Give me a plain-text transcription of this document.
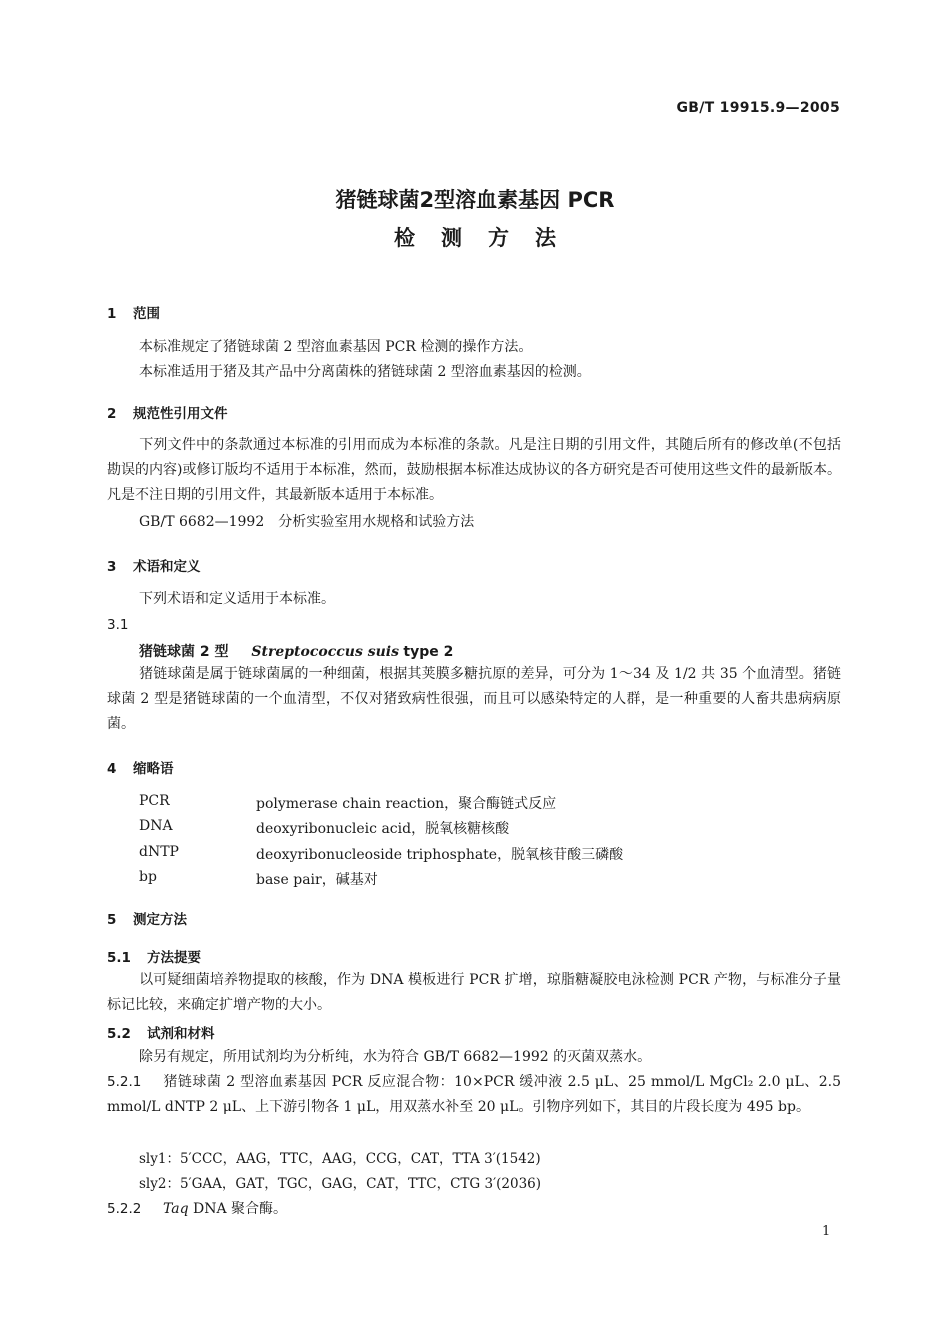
GB/T 19915.9—2005
猪链球菌2型溶血素基因 PCR
检测方法
1 范围
本标准规定了猪链球菌 2 型溶血素基因 PCR 检测的操作方法。
本标准适用于猪及其产品中分离菌株的猪链球菌 2 型溶血素基因的检测。
2 规范性引用文件
下列文件中的条款通过本标准的引用而成为本标准的条款。凡是注日期的引用文件，其随后所有的修改单(不包括勘误的内容)或修订版均不适用于本标准，然而，鼓励根据本标准达成协议的各方研究是否可使用这些文件的最新版本。凡是不注日期的引用文件，其最新版本适用于本标准。
GB/T 6682—1992　分析实验室用水规格和试验方法
3 术语和定义
下列术语和定义适用于本标准。
3.1
猪链球菌 2 型 Streptococcus suis type 2
猪链球菌是属于链球菌属的一种细菌，根据其荚膜多糖抗原的差异，可分为 1～34 及 1/2 共 35 个血清型。猪链球菌 2 型是猪链球菌的一个血清型，不仅对猪致病性很强，而且可以感染特定的人群，是一种重要的人畜共患病病原菌。
4 缩略语
PCR	polymerase chain reaction，聚合酶链式反应
DNA	deoxyribonucleic acid，脱氧核糖核酸
dNTP	deoxyribonucleoside triphosphate，脱氧核苷酸三磷酸
bp	base pair，碱基对
5 测定方法
5.1 方法提要
以可疑细菌培养物提取的核酸，作为 DNA 模板进行 PCR 扩增，琼脂糖凝胶电泳检测 PCR 产物，与标准分子量标记比较，来确定扩增产物的大小。
5.2 试剂和材料
除另有规定，所用试剂均为分析纯，水为符合 GB/T 6682—1992 的灭菌双蒸水。
5.2.1 猪链球菌 2 型溶血素基因 PCR 反应混合物：10×PCR 缓冲液 2.5 μL、25 mmol/L MgCl₂ 2.0 μL、2.5 mmol/L dNTP 2 μL、上下游引物各 1 μL，用双蒸水补至 20 μL。引物序列如下，其目的片段长度为 495 bp。
sly1：5′CCC，AAG，TTC，AAG，CCG，CAT，TTA 3′(1542)
sly2：5′GAA，GAT，TGC，GAG，CAT，TTC，CTG 3′(2036)
5.2.2 Taq DNA 聚合酶。
1
